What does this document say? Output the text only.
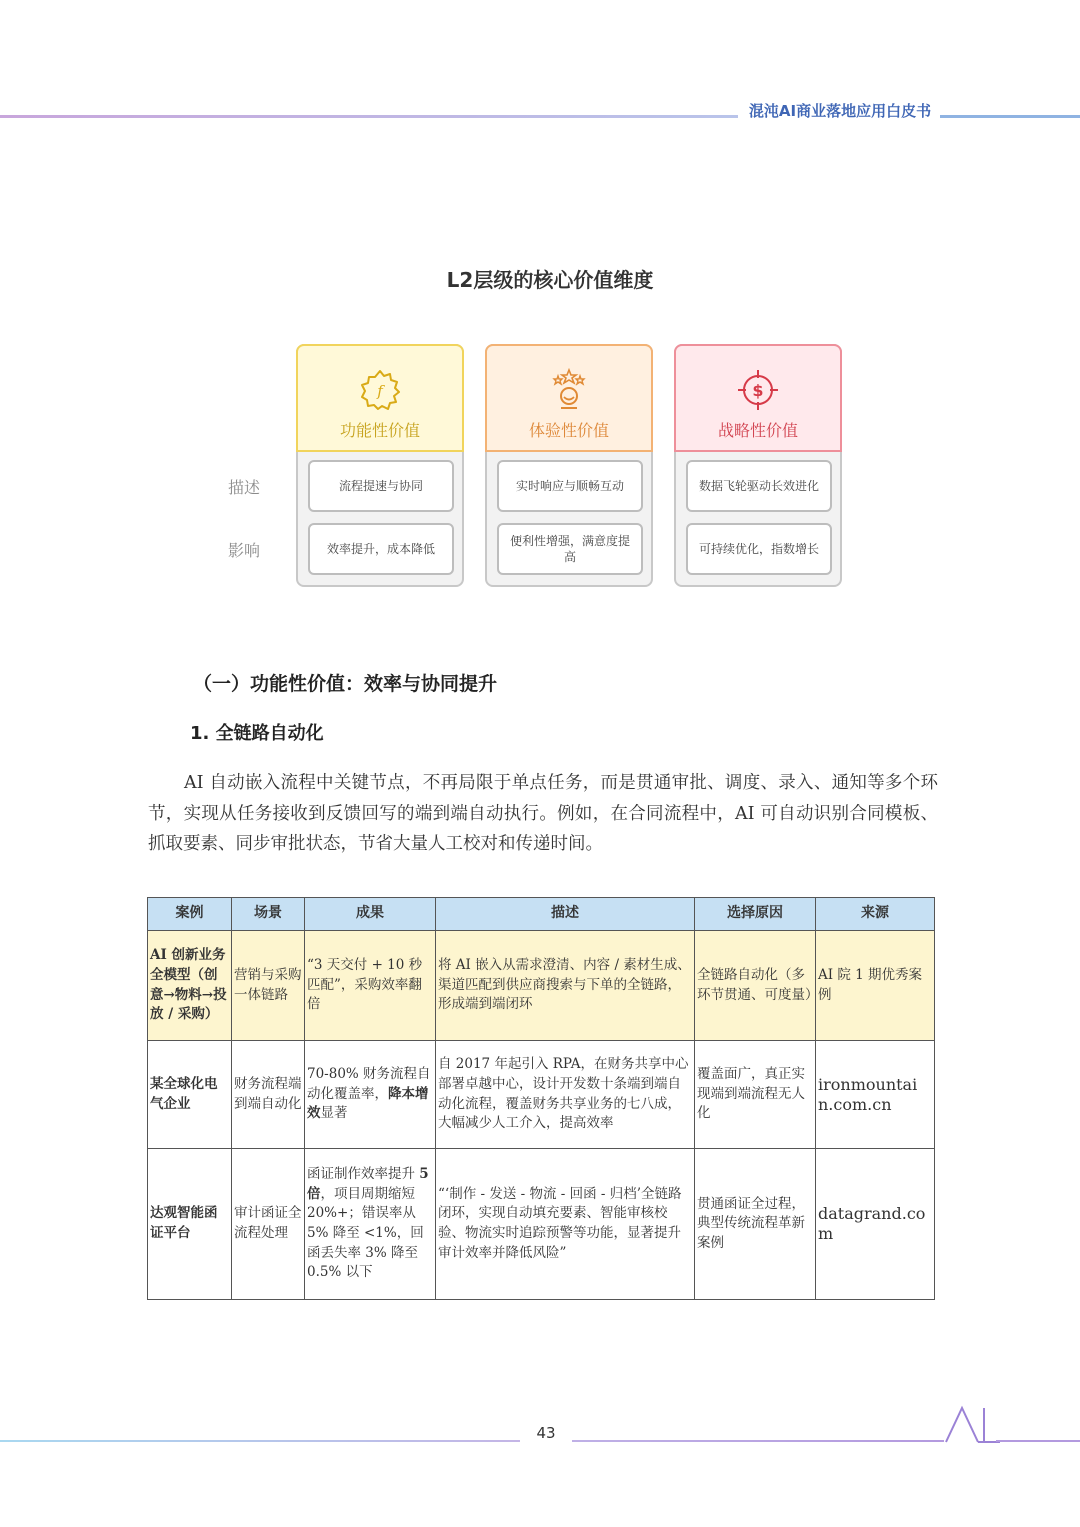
混沌AI商业落地应用白皮书
L2层级的核心价值维度
描述
影响
f
功能性价值
流程提速与协同
效率提升，成本降低
体验性价值
实时响应与顺畅互动
便利性增强，满意度提高
$
战略性价值
数据飞轮驱动长效进化
可持续优化，指数增长
（一）功能性价值：效率与协同提升
1. 全链路自动化
AI 自动嵌入流程中关键节点，不再局限于单点任务，而是贯通审批、调度、录入、通知等多个环节，实现从任务接收到反馈回写的端到端自动执行。例如，在合同流程中，AI 可自动识别合同模板、抓取要素、同步审批状态，节省大量人工校对和传递时间。
案例	场景	成果	描述	选择原因	来源
AI 创新业务全模型（创意→物料→投放 / 采购）	营销与采购一体链路	“3 天交付 + 10 秒匹配”，采购效率翻倍	将 AI 嵌入从需求澄清、内容 / 素材生成、渠道匹配到供应商搜索与下单的全链路，形成端到端闭环	全链路自动化（多环节贯通、可度量）	AI 院 1 期优秀案例
某全球化电气企业	财务流程端到端自动化	70-80% 财务流程自动化覆盖率，降本增效显著	自 2017 年起引入 RPA，在财务共享中心部署卓越中心，设计开发数十条端到端自动化流程，覆盖财务共享业务的七八成，大幅减少人工介入，提高效率	覆盖面广，真正实现端到端流程无人化	ironmountain.com.cn
达观智能函证平台	审计函证全流程处理	函证制作效率提升 5 倍，项目周期缩短 20%+；错误率从 5% 降至 <1%，回函丢失率 3% 降至 0.5% 以下	“‘制作 - 发送 - 物流 - 回函 - 归档’全链路闭环，实现自动填充要素、智能审核校验、物流实时追踪预警等功能，显著提升审计效率并降低风险”	贯通函证全过程，典型传统流程革新案例	datagrand.com
43
